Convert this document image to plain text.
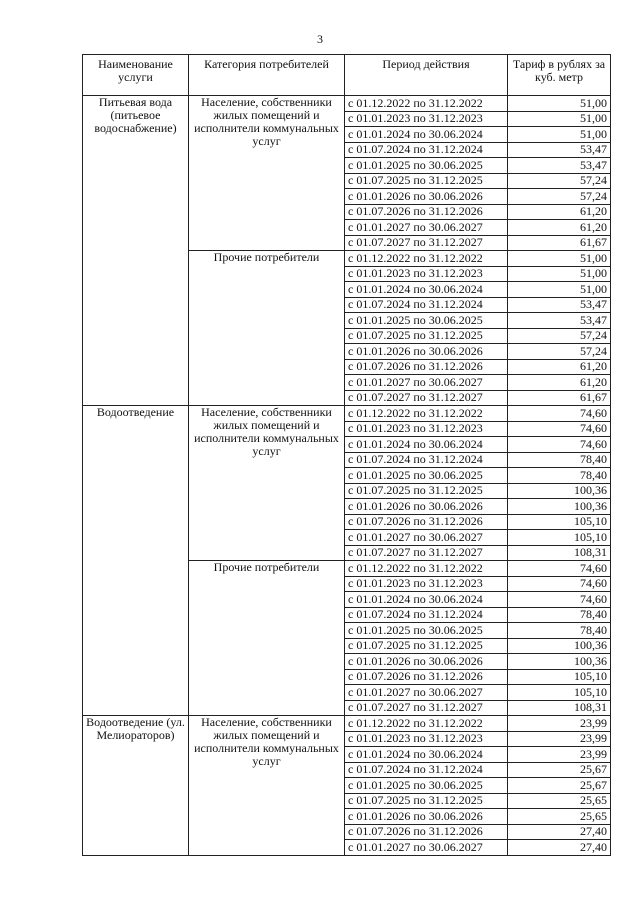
3
Наименование услуги	Категория потребителей	Период действия	Тариф в рублях за куб. метр
Питьевая вода (питьевое водоснабжение)	Население, собственники жилых помещений и исполнители коммунальных услуг	с 01.12.2022 по 31.12.2022	51,00
		с 01.01.2023 по 31.12.2023	51,00
		с 01.01.2024 по 30.06.2024	51,00
		с 01.07.2024 по 31.12.2024	53,47
		с 01.01.2025 по 30.06.2025	53,47
		с 01.07.2025 по 31.12.2025	57,24
		с 01.01.2026 по 30.06.2026	57,24
		с 01.07.2026 по 31.12.2026	61,20
		с 01.01.2027 по 30.06.2027	61,20
		с 01.07.2027 по 31.12.2027	61,67
	Прочие потребители	с 01.12.2022 по 31.12.2022	51,00
		с 01.01.2023 по 31.12.2023	51,00
		с 01.01.2024 по 30.06.2024	51,00
		с 01.07.2024 по 31.12.2024	53,47
		с 01.01.2025 по 30.06.2025	53,47
		с 01.07.2025 по 31.12.2025	57,24
		с 01.01.2026 по 30.06.2026	57,24
		с 01.07.2026 по 31.12.2026	61,20
		с 01.01.2027 по 30.06.2027	61,20
		с 01.07.2027 по 31.12.2027	61,67
Водоотведение	Население, собственники жилых помещений и исполнители коммунальных услуг	с 01.12.2022 по 31.12.2022	74,60
		с 01.01.2023 по 31.12.2023	74,60
		с 01.01.2024 по 30.06.2024	74,60
		с 01.07.2024 по 31.12.2024	78,40
		с 01.01.2025 по 30.06.2025	78,40
		с 01.07.2025 по 31.12.2025	100,36
		с 01.01.2026 по 30.06.2026	100,36
		с 01.07.2026 по 31.12.2026	105,10
		с 01.01.2027 по 30.06.2027	105,10
		с 01.07.2027 по 31.12.2027	108,31
	Прочие потребители	с 01.12.2022 по 31.12.2022	74,60
		с 01.01.2023 по 31.12.2023	74,60
		с 01.01.2024 по 30.06.2024	74,60
		с 01.07.2024 по 31.12.2024	78,40
		с 01.01.2025 по 30.06.2025	78,40
		с 01.07.2025 по 31.12.2025	100,36
		с 01.01.2026 по 30.06.2026	100,36
		с 01.07.2026 по 31.12.2026	105,10
		с 01.01.2027 по 30.06.2027	105,10
		с 01.07.2027 по 31.12.2027	108,31
Водоотведение (ул. Мелиораторов)	Население, собственники жилых помещений и исполнители коммунальных услуг	с 01.12.2022 по 31.12.2022	23,99
		с 01.01.2023 по 31.12.2023	23,99
		с 01.01.2024 по 30.06.2024	23,99
		с 01.07.2024 по 31.12.2024	25,67
		с 01.01.2025 по 30.06.2025	25,67
		с 01.07.2025 по 31.12.2025	25,65
		с 01.01.2026 по 30.06.2026	25,65
		с 01.07.2026 по 31.12.2026	27,40
		с 01.01.2027 по 30.06.2027	27,40
